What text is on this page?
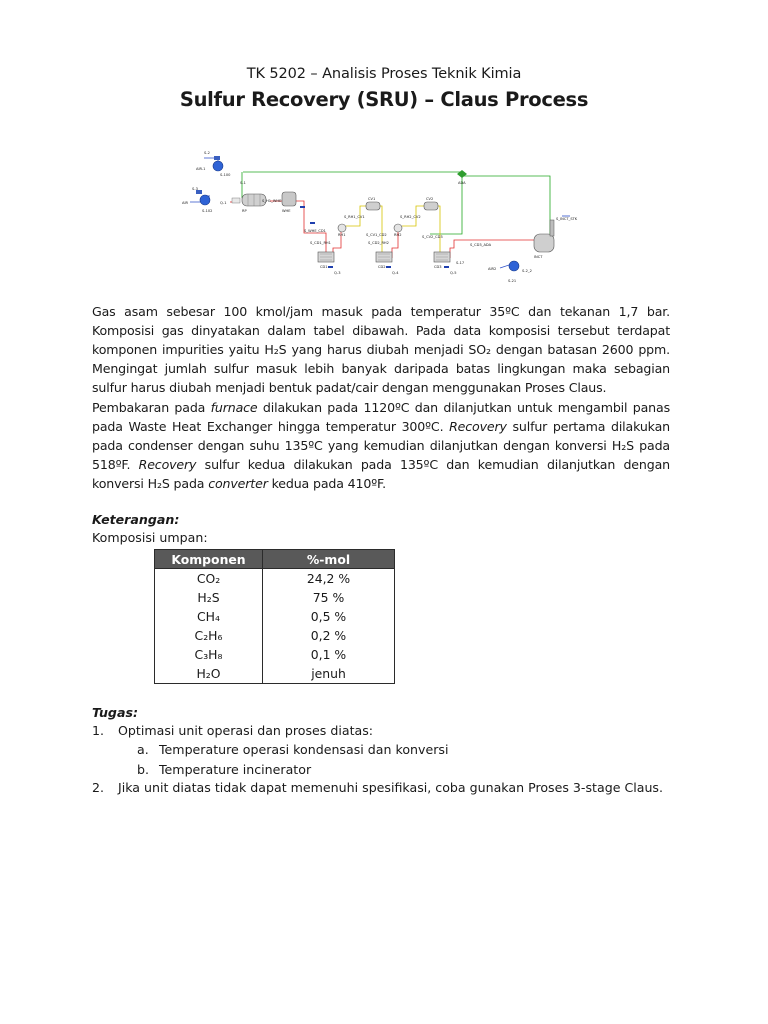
TK 5202 – Analisis Proses Teknik Kimia
Sulfur Recovery (SRU) – Claus Process
S-2
AIR-1
S-100
S-1
S-3
AIR
S-102
Q-1
RP
S_H1_WHE
WHE
S_WHE_CD1
S_CD1_RH1
CD1
Q-3
S_RH1_CV1
CV1
RH1
S_RH2_CV2
CV2
RH2
S_CV1_CD2
S_CD2_RH2
CD2
Q-4
S_CV2_CD3
CD3
Q-5
S_CD3_ADA
ADA
S-17
INCT
S_INCT_STK
AIR2
S-21
S-2_2
Gas asam sebesar 100 kmol/jam masuk pada temperatur 35ºC dan tekanan 1,7 bar. Komposisi gas dinyatakan dalam tabel dibawah. Pada data komposisi tersebut terdapat komponen impurities yaitu H₂S yang harus diubah menjadi SO₂ dengan batasan 2600 ppm. Mengingat jumlah sulfur masuk lebih banyak daripada batas lingkungan maka sebagian sulfur harus diubah menjadi bentuk padat/cair dengan menggunakan Proses Claus.
Pembakaran pada furnace dilakukan pada 1120ºC dan dilanjutkan untuk mengambil panas pada Waste Heat Exchanger hingga temperatur 300ºC. Recovery sulfur pertama dilakukan pada condenser dengan suhu 135ºC yang kemudian dilanjutkan dengan konversi H₂S pada 518ºF. Recovery sulfur kedua dilakukan pada 135ºC dan kemudian dilanjutkan dengan konversi H₂S pada converter kedua pada 410ºF.
Keterangan:
Komposisi umpan:
Komponen	%-mol
CO₂	24,2 %
H₂S	75 %
CH₄	0,5 %
C₂H₆	0,2 %
C₃H₈	0,1 %
H₂O	jenuh
Tugas:
1. Optimasi unit operasi dan proses diatas:
a. Temperature operasi kondensasi dan konversi
b. Temperature incinerator
2. Jika unit diatas tidak dapat memenuhi spesifikasi, coba gunakan Proses 3-stage Claus.
